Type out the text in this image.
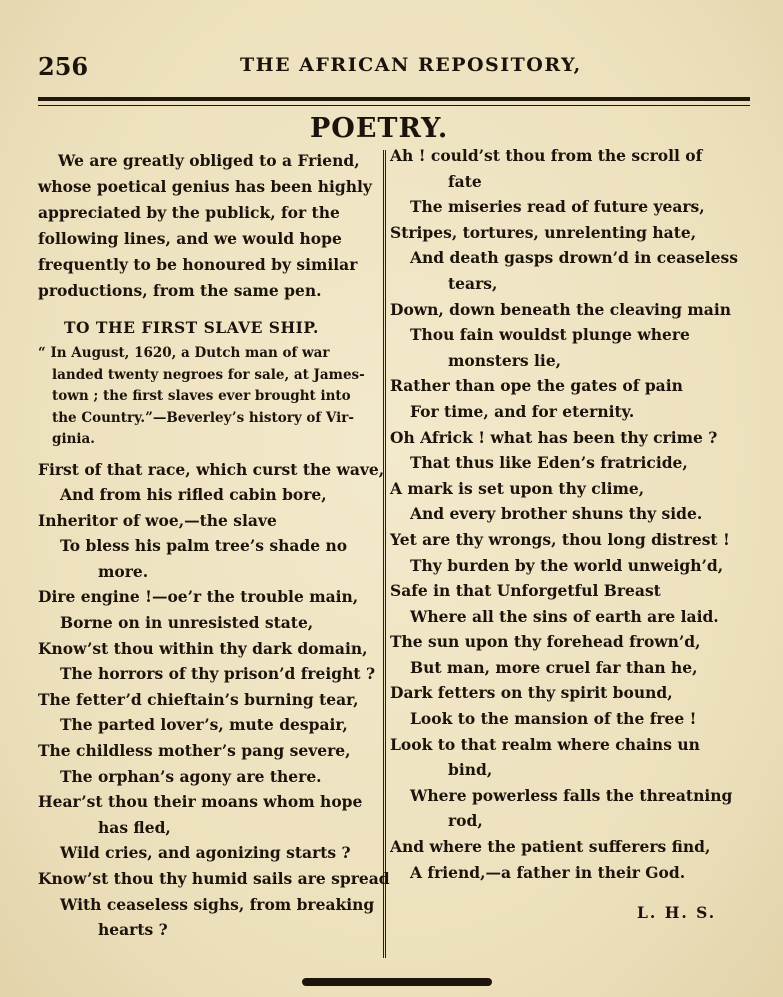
256	THE AFRICAN REPOSITORY,
POETRY.

We are greatly obliged to a Friend,
whose poetical genius has been highly
appreciated by the publick, for the
following lines, and we would hope
frequently to be honoured by similar
productions, from the same pen.

TO THE FIRST SLAVE SHIP.
“ In August, 1620, a Dutch man of war
landed twenty negroes for sale, at James-
town ; the first slaves ever brought into
the Country.”—Beverley’s history of Vir-
ginia.
First of that race, which curst the wave,
And from his rifled cabin bore,
Inheritor of woe,—the slave
To bless his palm tree’s shade no
more.
Dire engine !—oe’r the trouble main,
Borne on in unresisted state,
Know’st thou within thy dark domain,
The horrors of thy prison’d freight ?
The fetter’d chieftain’s burning tear,
The parted lover’s, mute despair,
The childless mother’s pang severe,
The orphan’s agony are there.
Hear’st thou their moans whom hope
has fled,
Wild cries, and agonizing starts ?
Know’st thou thy humid sails are spread
With ceaseless sighs, from breaking
hearts ?
Ah ! could’st thou from the scroll of
fate
The miseries read of future years,
Stripes, tortures, unrelenting hate,
And death gasps drown’d in ceaseless
tears,
Down, down beneath the cleaving main
Thou fain wouldst plunge where
monsters lie,
Rather than ope the gates of pain
For time, and for eternity.
Oh Africk ! what has been thy crime ?
That thus like Eden’s fratricide,
A mark is set upon thy clime,
And every brother shuns thy side.
Yet are thy wrongs, thou long distrest !
Thy burden by the world unweigh’d,
Safe in that Unforgetful Breast
Where all the sins of earth are laid.
The sun upon thy forehead frown’d,
But man, more cruel far than he,
Dark fetters on thy spirit bound,
Look to the mansion of the free !
Look to that realm where chains un
bind,
Where powerless falls the threatning
rod,
And where the patient sufferers find,
A friend,—a father in their God.
L. H. S.
